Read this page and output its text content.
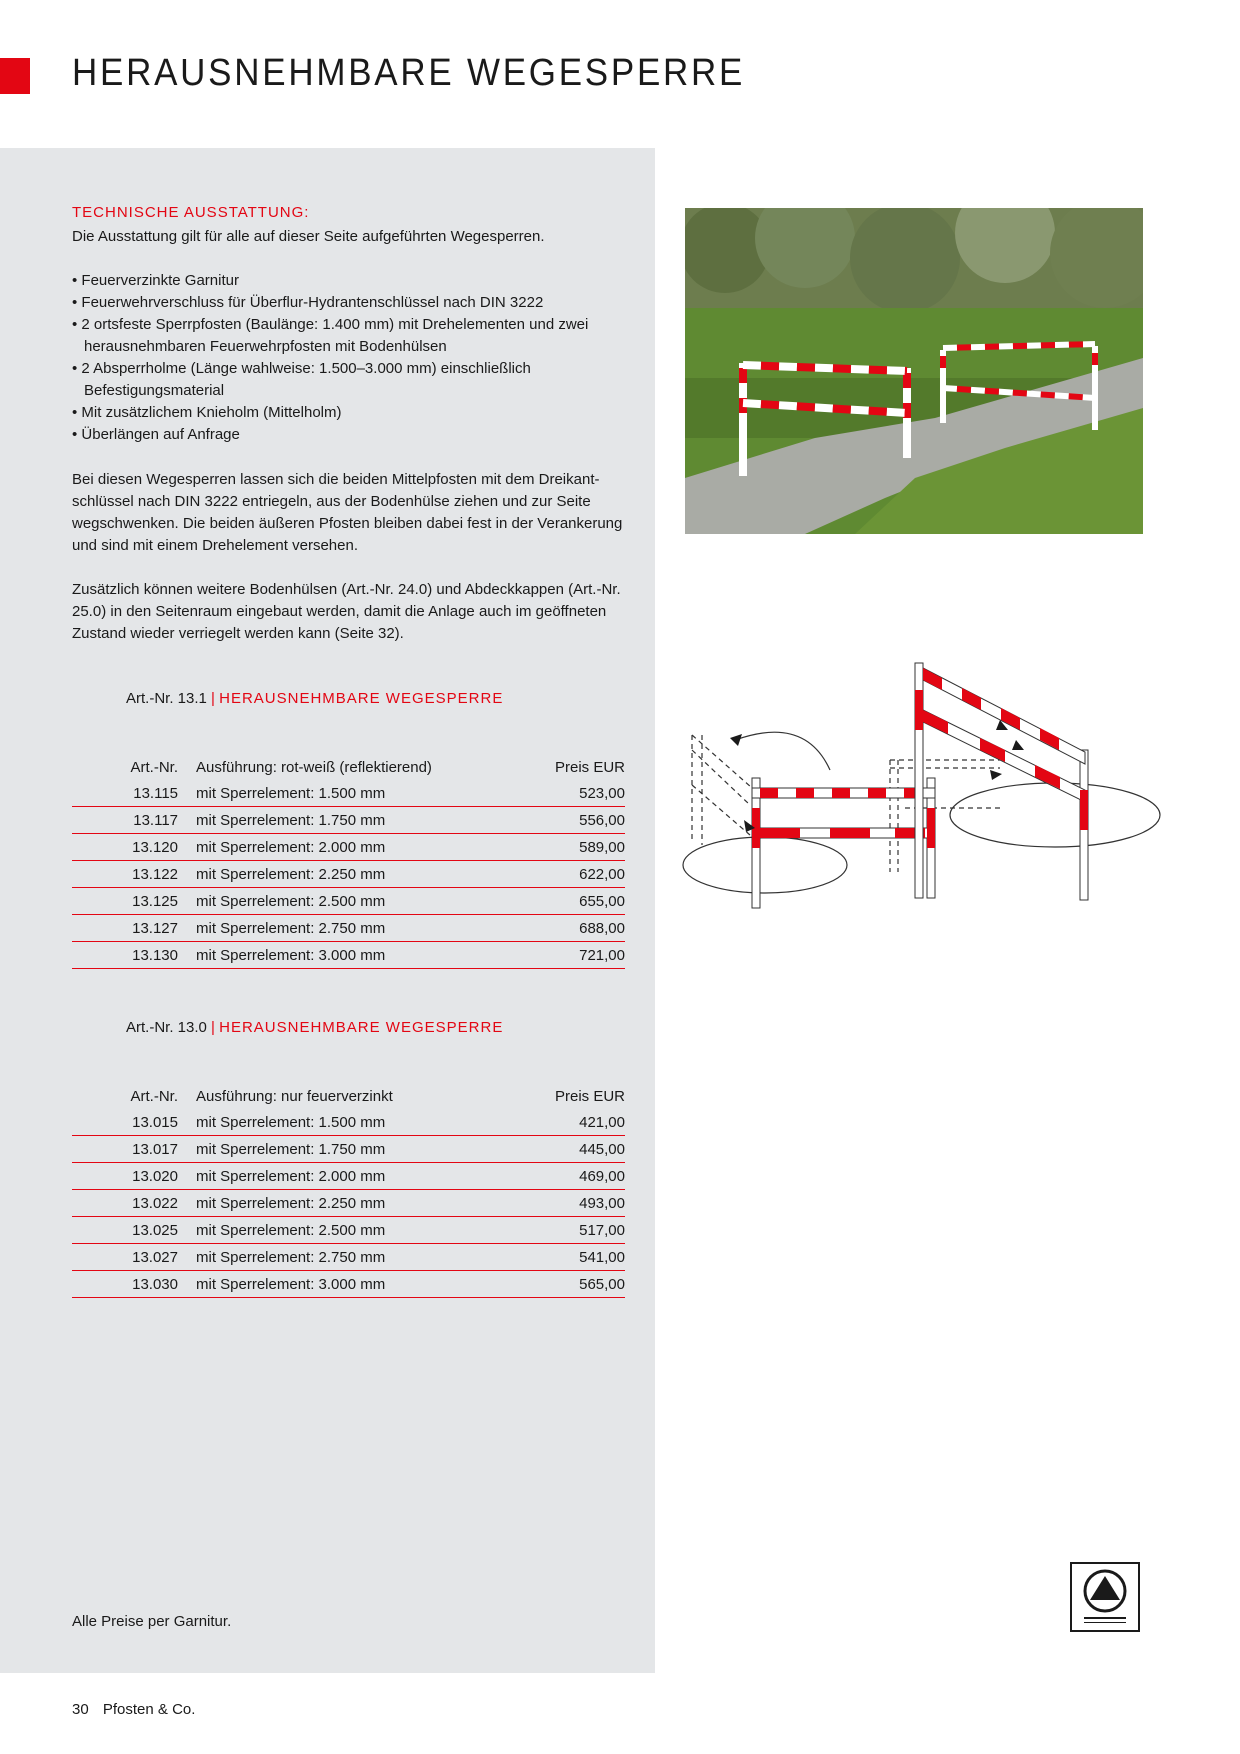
HERAUSNEHMBARE WEGESPERRE
TECHNISCHE AUSSTATTUNG:

Die Ausstattung gilt für alle auf dieser Seite aufgeführten Wegesperren.

• Feuerverzinkte Garnitur
• Feuerwehrverschluss für Überflur-Hydrantenschlüssel nach DIN 3222
• 2 ortsfeste Sperrpfosten (Baulänge: 1.400 mm) mit Drehelementen und zwei herausnehmbaren Feuerwehrpfosten mit Bodenhülsen
• 2 Absperrholme (Länge wahlweise: 1.500–3.000 mm) einschließlich Befestigungsmaterial
• Mit zusätzlichem Knieholm (Mittelholm)
• Überlängen auf Anfrage

Bei diesen Wegesperren lassen sich die beiden Mittelpfosten mit dem Dreikant-schlüssel nach DIN 3222 entriegeln, aus der Bodenhülse ziehen und zur Seite wegschwenken. Die beiden äußeren Pfosten bleiben dabei fest in der Verankerung und sind mit einem Drehelement versehen.

Zusätzlich können weitere Bodenhülsen (Art.-Nr. 24.0) und Abdeckkappen (Art.-Nr. 25.0) in den Seitenraum eingebaut werden, damit die Anlage auch im geöffneten Zustand wieder verriegelt werden kann (Seite 32).

Art.-Nr. 13.1 | HERAUSNEHMBARE WEGESPERRE
Art.-Nr.	Ausführung: rot-weiß (reflektierend)	Preis EUR
13.115	mit Sperrelement: 1.500 mm	523,00
13.117	mit Sperrelement: 1.750 mm	556,00
13.120	mit Sperrelement: 2.000 mm	589,00
13.122	mit Sperrelement: 2.250 mm	622,00
13.125	mit Sperrelement: 2.500 mm	655,00
13.127	mit Sperrelement: 2.750 mm	688,00
13.130	mit Sperrelement: 3.000 mm	721,00
Art.-Nr. 13.0 | HERAUSNEHMBARE WEGESPERRE
Art.-Nr.	Ausführung: nur feuerverzinkt	Preis EUR
13.015	mit Sperrelement: 1.500 mm	421,00
13.017	mit Sperrelement: 1.750 mm	445,00
13.020	mit Sperrelement: 2.000 mm	469,00
13.022	mit Sperrelement: 2.250 mm	493,00
13.025	mit Sperrelement: 2.500 mm	517,00
13.027	mit Sperrelement: 2.750 mm	541,00
13.030	mit Sperrelement: 3.000 mm	565,00
Alle Preise per Garnitur.
30 Pfosten & Co.
